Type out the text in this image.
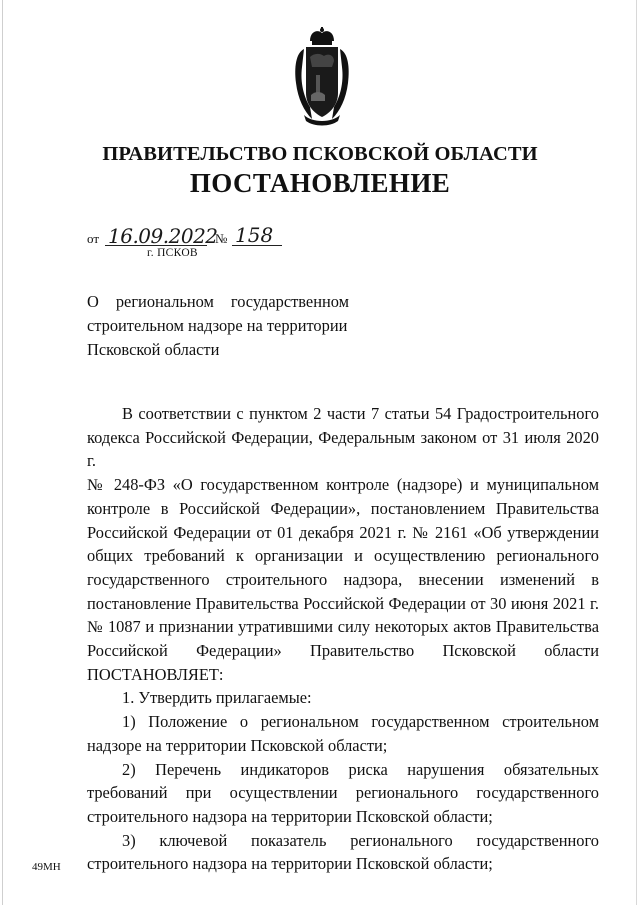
ПРАВИТЕЛЬСТВО ПСКОВСКОЙ ОБЛАСТИ
ПОСТАНОВЛЕНИЕ
от 16.09.2022
№ 158
г. ПСКОВ
О региональном государственном
строительном надзоре на территории
Псковской области
В соответствии с пунктом 2 части 7 статьи 54 Градостроительного
кодекса Российской Федерации, Федеральным законом от 31 июля 2020 г.
№ 248-ФЗ «О государственном контроле (надзоре) и муниципальном
контроле в Российской Федерации», постановлением Правительства
Российской Федерации от 01 декабря 2021 г. № 2161 «Об утверждении
общих требований к организации и осуществлению регионального
государственного строительного надзора, внесении изменений в
постановление Правительства Российской Федерации от 30 июня 2021 г.
№ 1087 и признании утратившими силу некоторых актов Правительства
Российской Федерации» Правительство Псковской области
ПОСТАНОВЛЯЕТ:
1. Утвердить прилагаемые:
1) Положение о региональном государственном строительном
надзоре на территории Псковской области;
2) Перечень индикаторов риска нарушения обязательных
требований при осуществлении регионального государственного
строительного надзора на территории Псковской области;
3) ключевой показатель регионального государственного
строительного надзора на территории Псковской области;
49МН
